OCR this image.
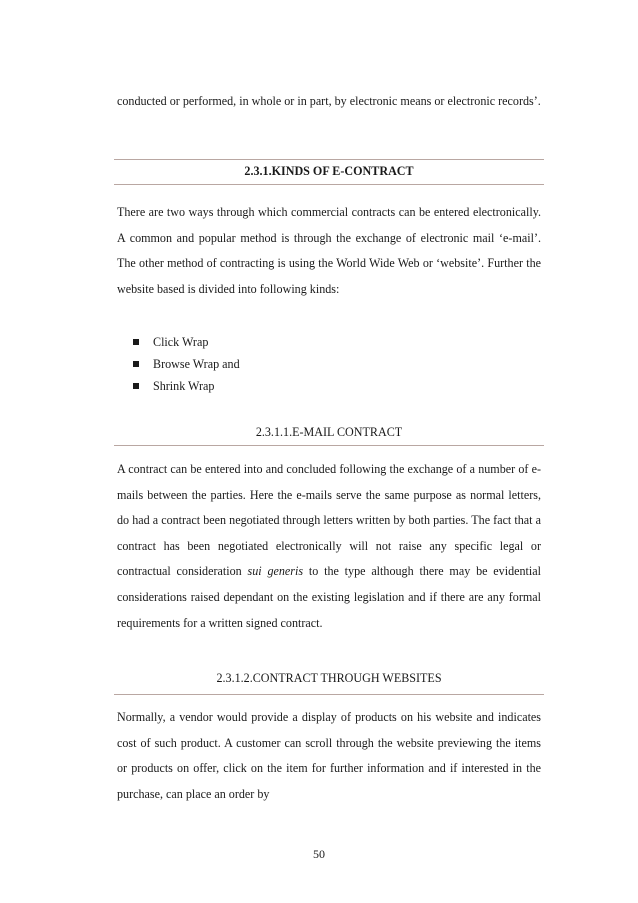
conducted or performed, in whole or in part, by electronic means or electronic records’.

2.3.1.KINDS OF E-CONTRACT

There are two ways through which commercial contracts can be entered electronically. A common and popular method is through the exchange of electronic mail ‘e-mail’. The other method of contracting is using the World Wide Web or ‘website’. Further the website based is divided into following kinds:

Click Wrap
Browse Wrap and
Shrink Wrap

2.3.1.1.E-MAIL CONTRACT

A contract can be entered into and concluded following the exchange of a number of e-mails between the parties. Here the e-mails serve the same purpose as normal letters, do had a contract been negotiated through letters written by both parties. The fact that a contract has been negotiated electronically will not raise any specific legal or contractual consideration sui generis to the type although there may be evidential considerations raised dependant on the existing legislation and if there are any formal requirements for a written signed contract.

2.3.1.2.CONTRACT THROUGH WEBSITES

Normally, a vendor would provide a display of products on his website and indicates cost of such product. A customer can scroll through the website previewing the items or products on offer, click on the item for further information and if interested in the purchase, can place an order by

50
